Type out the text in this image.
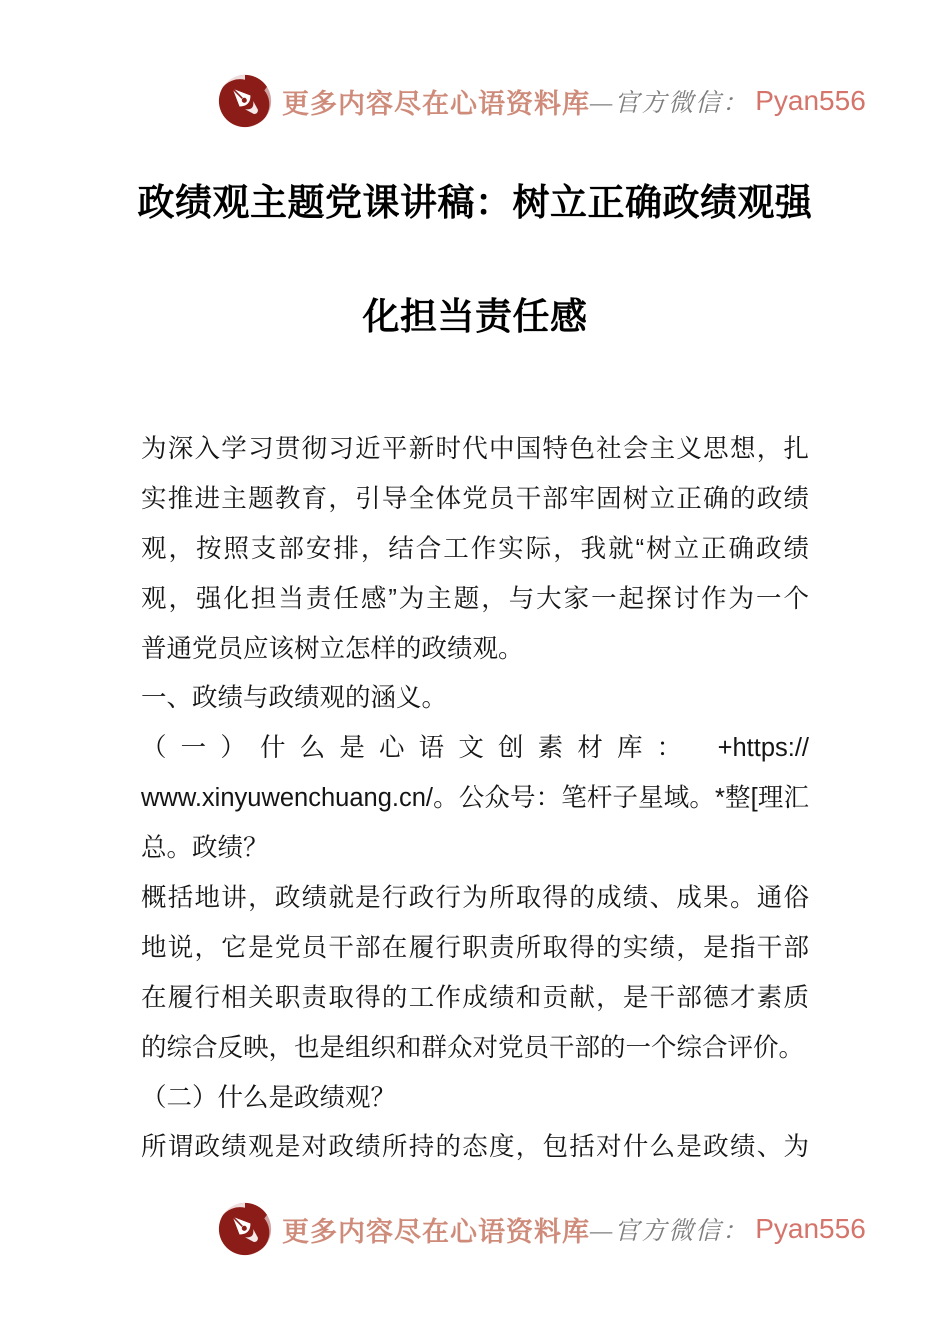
更多内容尽在心语资料库 —官方微信： Pyan556
政绩观主题党课讲稿：树立正确政绩观强
化担当责任感
为深入学习贯彻习近平新时代中国特色社会主义思想，扎
实推进主题教育，引导全体党员干部牢固树立正确的政绩
观，按照支部安排，结合工作实际，我就“树立正确政绩
观，强化担当责任感”为主题，与大家一起探讨作为一个
普通党员应该树立怎样的政绩观。
一、政绩与政绩观的涵义。
（一）什么是心语文创素材库： +https://
www.xinyuwenchuang.cn/。公众号：笔杆子星域。*整[理汇
总。政绩？
概括地讲，政绩就是行政行为所取得的成绩、成果。通俗
地说，它是党员干部在履行职责所取得的实绩，是指干部
在履行相关职责取得的工作成绩和贡献，是干部德才素质
的综合反映，也是组织和群众对党员干部的一个综合评价。
（二）什么是政绩观？
所谓政绩观是对政绩所持的态度，包括对什么是政绩、为
更多内容尽在心语资料库 —官方微信： Pyan556
